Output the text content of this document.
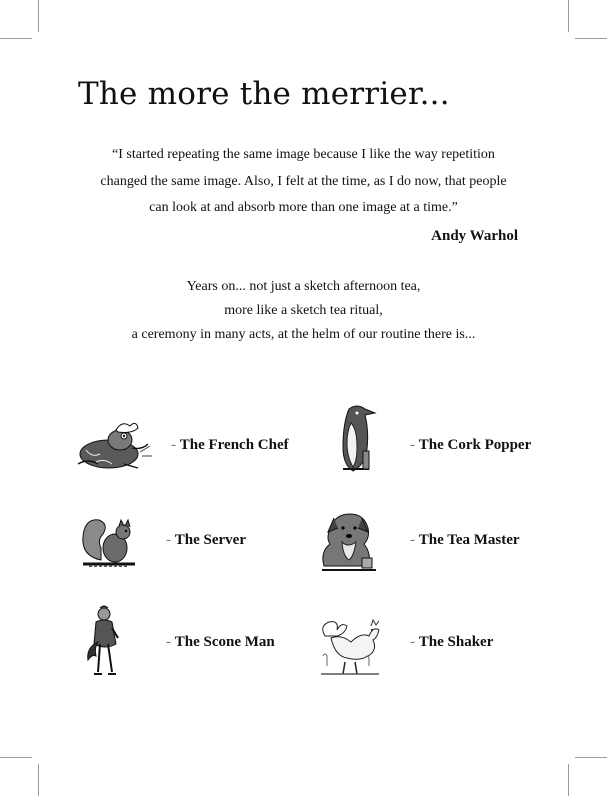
The more the merrier...
“I started repeating the same image because I like the way repetition
changed the same image. Also, I felt at the time, as I do now, that people
can look at and absorb more than one image at a time.”
Andy Warhol
Years on... not just a sketch afternoon tea,
more like a sketch tea ritual,
a ceremony in many acts, at the helm of our routine there is...
- The French Chef	- The Cork Popper
- The Server	- The Tea Master
- The Scone Man	- The Shaker
